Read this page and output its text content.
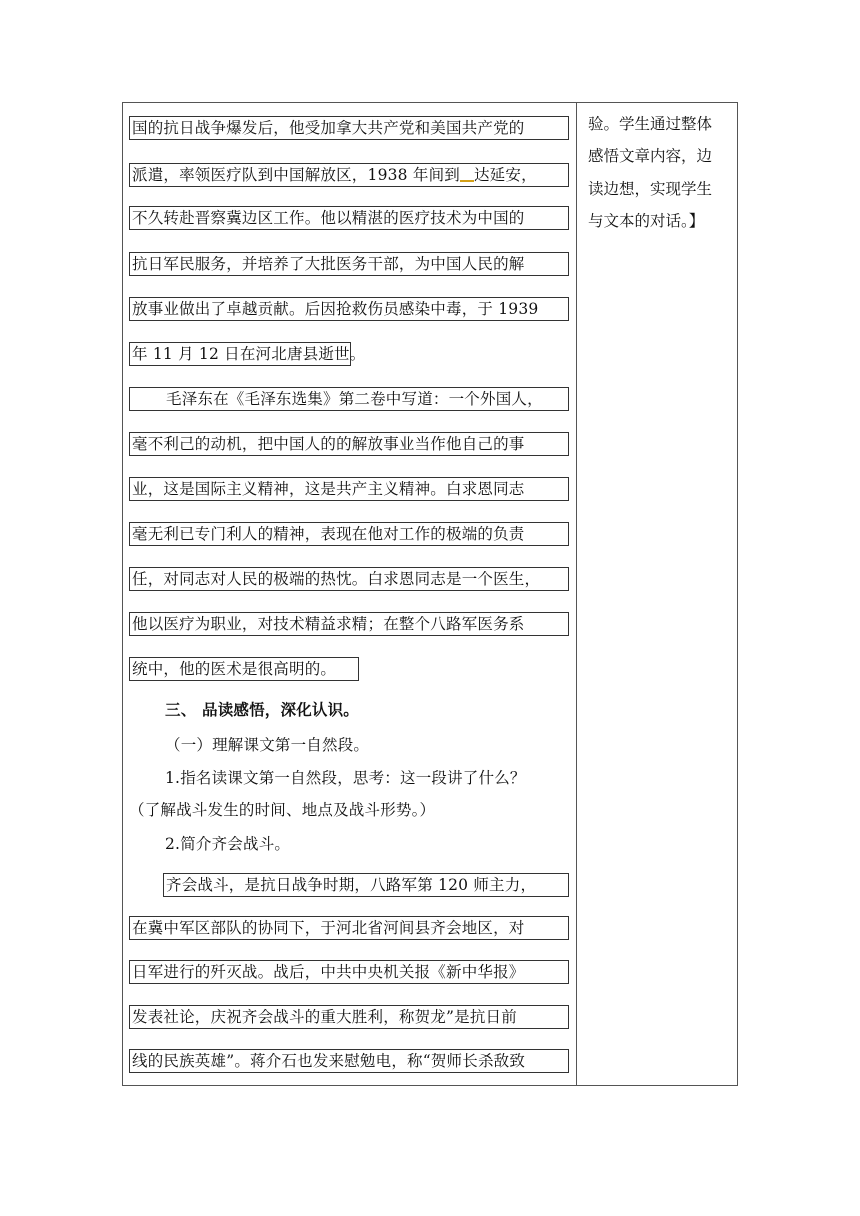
国的抗日战争爆发后，他受加拿大共产党和美国共产党的
派遣，率领医疗队到中国解放区，1938 年间到 达延安，
不久转赴晋察冀边区工作。他以精湛的医疗技术为中国的
抗日军民服务，并培养了大批医务干部，为中国人民的解
放事业做出了卓越贡献。后因抢救伤员感染中毒，于 1939
年 11 月 12 日在河北唐县逝世。
毛泽东在《毛泽东选集》第二卷中写道：一个外国人，
毫不利己的动机，把中国人的的解放事业当作他自己的事
业，这是国际主义精神，这是共产主义精神。白求恩同志
毫无利已专门利人的精神，表现在他对工作的极端的负责
任，对同志对人民的极端的热忱。白求恩同志是一个医生，
他以医疗为职业，对技术精益求精；在整个八路军医务系
统中，他的医术是很高明的。
三、 品读感悟，深化认识。
（一）理解课文第一自然段。
1.指名读课文第一自然段，思考：这一段讲了什么？
（了解战斗发生的时间、地点及战斗形势。）
2.简介齐会战斗。
齐会战斗，是抗日战争时期，八路军第 120 师主力，
在冀中军区部队的协同下，于河北省河间县齐会地区，对
日军进行的歼灭战。战后，中共中央机关报《新中华报》
发表社论，庆祝齐会战斗的重大胜利，称贺龙”是抗日前
线的民族英雄”。蒋介石也发来慰勉电，称“贺师长杀敌致
验。学生通过整体
感悟文章内容，边
读边想，实现学生
与文本的对话。】
